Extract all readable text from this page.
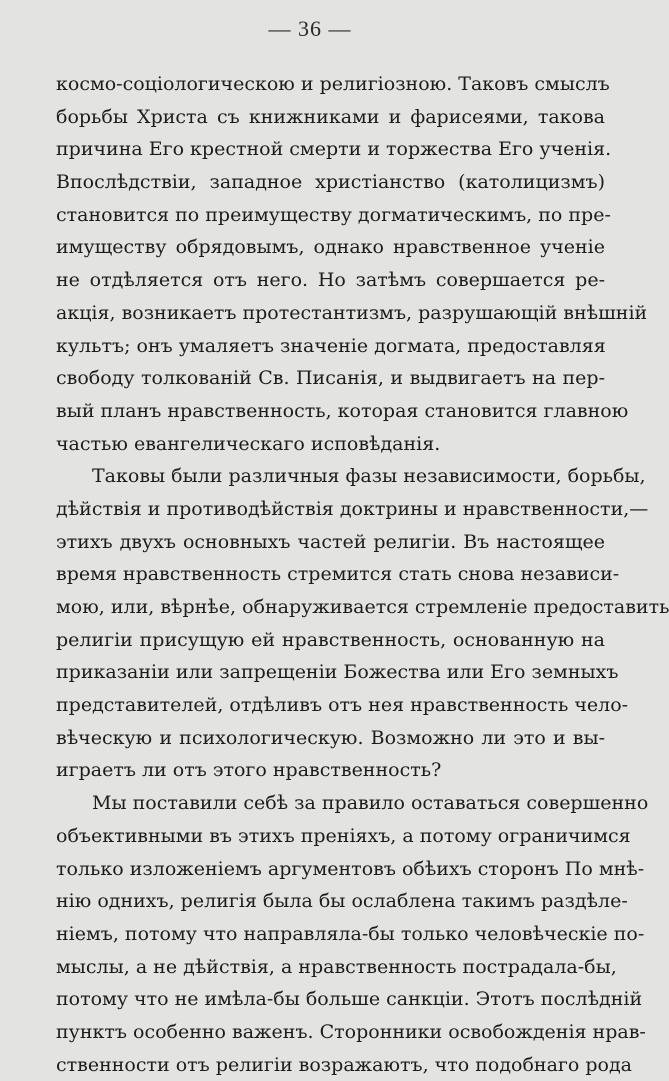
— 36 —
космо-соціологическою и религіозною. Таковъ смыслъ
борьбы Христа съ книжниками и фарисеями, такова
причина Его крестной смерти и торжества Его ученія.
Впослѣдствіи, западное христіанство (католицизмъ)
становится по преимуществу догматическимъ, по пре-
имуществу обрядовымъ, однако нравственное ученіе
не отдѣляется отъ него. Но затѣмъ совершается ре-
акція, возникаетъ протестантизмъ, разрушающій внѣшній
культъ; онъ умаляетъ значеніе догмата, предоставляя
свободу толкованій Св. Писанія, и выдвигаетъ на пер-
вый планъ нравственность, которая становится главною
частью евангелическаго исповѣданія.
Таковы были различныя фазы независимости, борьбы,
дѣйствія и противодѣйствія доктрины и нравственности,—
этихъ двухъ основныхъ частей религіи. Въ настоящее
время нравственность стремится стать снова независи-
мою, или, вѣрнѣе, обнаруживается стремленіе предоставить
религіи присущую ей нравственность, основанную на
приказаніи или запрещеніи Божества или Его земныхъ
представителей, отдѣливъ отъ нея нравственность чело-
вѣческую и психологическую. Возможно ли это и вы-
играетъ ли отъ этого нравственность?
Мы поставили себѣ за правило оставаться совершенно
объективными въ этихъ преніяхъ, а потому ограничимся
только изложеніемъ аргументовъ обѣихъ сторонъ По мнѣ-
нію однихъ, религія была бы ослаблена такимъ раздѣле-
ніемъ, потому что направляла-бы только человѣческіе по-
мыслы, а не дѣйствія, а нравственность пострадала-бы,
потому что не имѣла-бы больше санкціи. Этотъ послѣдній
пунктъ особенно важенъ. Сторонники освобожденія нрав-
ственности отъ религіи возражаютъ, что подобнаго рода
